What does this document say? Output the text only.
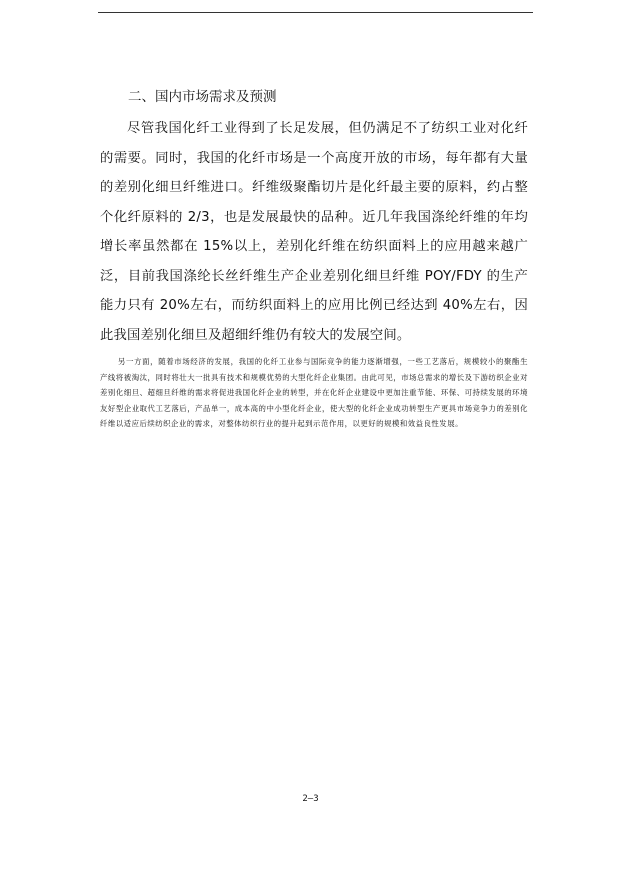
二、国内市场需求及预测

尽管我国化纤工业得到了长足发展，但仍满足不了纺织工业对化纤的需要。同时，我国的化纤市场是一个高度开放的市场，每年都有大量的差别化细旦纤维进口。纤维级聚酯切片是化纤最主要的原料，约占整个化纤原料的 2/3，也是发展最快的品种。近几年我国涤纶纤维的年均增长率虽然都在 15%以上，差别化纤维在纺织面料上的应用越来越广泛，目前我国涤纶长丝纤维生产企业差别化细旦纤维 POY/FDY 的生产能力只有 20%左右，而纺织面料上的应用比例已经达到 40%左右，因此我国差别化细旦及超细纤维仍有较大的发展空间。

另一方面，随着市场经济的发展，我国的化纤工业参与国际竞争的能力逐渐增强，一些工艺落后，规模较小的聚酯生产线将被淘汰，同时将壮大一批具有技术和规模优势的大型化纤企业集团。由此可见，市场总需求的增长及下游纺织企业对差别化细旦、超细旦纤维的需求将促进我国化纤企业的转型，并在化纤企业建设中更加注重节能、环保、可持续发展的环境友好型企业取代工艺落后，产品单一，成本高的中小型化纤企业，使大型的化纤企业成功转型生产更具市场竞争力的差别化纤维以适应后续纺织企业的需求，对整体纺织行业的提升起到示范作用，以更好的规模和效益良性发展。

2—3
